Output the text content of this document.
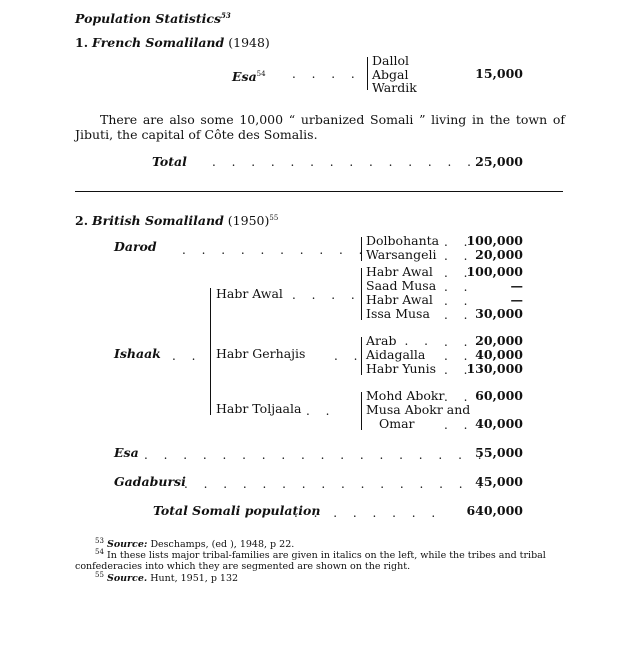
Population Statistics$^{53}$
1. French Somaliland (1948)
Esa$^{54}$ . . . .
Dallol
Abgal
Wardik
15,000
There are also some 10,000 “ urbanized Somali ” living in the town of Jibuti, the capital of Côte des Somalis.
Total . . . . . . . . . . . . . .
25,000
2. British Somaliland $(1950)^{55}$
Darod . . . . . . . . . .
Dolbohanta
Warsangeli
. .
. .
100,000
20,000
Ishaak . .
Habr Awal . . . .
Habr Awal
Saad Musa
Habr Awal
Issa Musa
. .
. .
. .
. .
100,000
—
—
30,000
Habr Gerhajis . .
Arab . .
Aidagalla
Habr Yunis
. .
. .
. .
20,000
40,000
130,000
Habr Toljaala . .
Mohd Abokr
Musa Abokr and
Omar
. .
. .
60,000
40,000
Esa . . . . . . . . . . . . . . . . . .
55,000
Gadabursi
. . . . . . . . . . . . . . . .
45,000
Total Somali population
. . . . . . . . 640,000
$^{53}$ Source: Deschamps, (ed ), 1948, p 22.
$^{54}$ In these lists major tribal-families are given in italics on the left, while the tribes and tribal confederacies into which they are segmented are shown on the right.
$^{55}$ Source. Hunt, 1951, p 132
